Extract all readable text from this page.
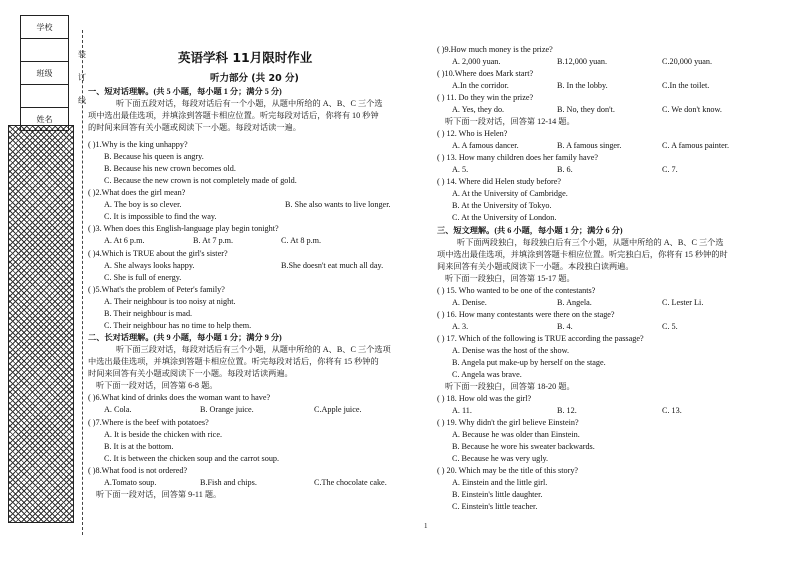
学校

班级

姓名
装
订
线
英语学科 11月限时作业
听力部分 (共 20 分)
一、短对话理解。(共 5 小题，每小题 1 分；满分 5 分)
听下面五段对话，每段对话后有一个小题，从题中所给的 A、B、C 三个选
项中选出最佳选项，并填涂到答题卡相应位置。听完每段对话后，你将有 10 秒钟
的时间来回答有关小题或阅读下一小题。每段对话读一遍。
( )1.Why is the king unhappy?
B. Because his queen is angry.
B. Because his new crown becomes old.
C. Because the new crown is not completely made of gold.
( )2.What does the girl mean?
A. The boy is so clever.	B. She also wants to live longer.
C. It is impossible to find the way.
( )3. When does this English-language play begin tonight?
A. At 6 p.m.	B. At 7 p.m.	C. At 8 p.m.
( )4.Which is TRUE about the girl's sister?
A. She always looks happy.	B.She doesn't eat much all day.
C. She is full of energy.
( )5.What's the problem of Peter's family?
A. Their neighbour is too noisy at night.
B. Their neighbour is mad.
C. Their neighbour has no time to help them.
二、长对话理解。(共 9 小题，每小题 1 分；满分 9 分)
听下面三段对话，每段对话后有三个小题，从题中所给的 A、B、C 三个选项
中选出最佳选项，并填涂到答题卡相应位置。听完每段对话后，你将有 15 秒钟的
时间来回答有关小题或阅读下一小题。每段对话读两遍。
听下面一段对话，回答第 6-8 题。
( )6.What kind of drinks does the woman want to have?
A. Cola.	B. Orange juice.	C.Apple juice.
( )7.Where is the beef with potatoes?
A. It is beside the chicken with rice.
B. It is at the bottom.
C. It is between the chicken soup and the carrot soup.
( )8.What food is not ordered?
A.Tomato soup.	B.Fish and chips.	C.The chocolate cake.
听下面一段对话，回答第 9-11 题。
( )9.How much money is the prize?
A. 2,000 yuan.	B.12,000 yuan.	C.20,000 yuan.
( )10.Where does Mark start?
A.In the corridor.	B. In the lobby.	C.In the toilet.
( ) 11. Do they win the prize?
A. Yes, they do.	B. No, they don't.	C. We don't know.
听下面一段对话，回答第 12-14 题。
( ) 12. Who is Helen?
A. A famous dancer.	B. A famous singer.	C. A famous painter.
( ) 13. How many children does her family have?
A. 5.	B. 6.	C. 7.
( ) 14. Where did Helen study before?
A. At the University of Cambridge.
B. At the University of Tokyo.
C. At the University of London.
三、短文理解。(共 6 小题，每小题 1 分；满分 6 分)
听下面两段独白，每段独白后有三个小题，从题中所给的 A、B、C 三个选
项中选出最佳选项，并填涂到答题卡相应位置。听完独白后，你将有 15 秒钟的时
间来回答有关小题或阅读下一小题。本段独白读两遍。
听下面一段独白，回答第 15-17 题。
( ) 15. Who wanted to be one of the contestants?
A. Denise.	B. Angela.	C. Lester Li.
( ) 16. How many contestants were there on the stage?
A. 3.	B. 4.	C. 5.
( ) 17. Which of the following is TRUE according the passage?
A. Denise was the host of the show.
B. Angela put make-up by herself on the stage.
C. Angela was brave.
听下面一段独白，回答第 18-20 题。
( ) 18. How old was the girl?
A. 11.	B. 12.	C. 13.
( ) 19. Why didn't the girl believe Einstein?
A. Because he was older than Einstein.
B. Because he wore his sweater backwards.
C. Because he was very ugly.
( ) 20. Which may be the title of this story?
A. Einstein and the little girl.
B. Einstein's little daughter.
C. Einstein's little teacher.
1
